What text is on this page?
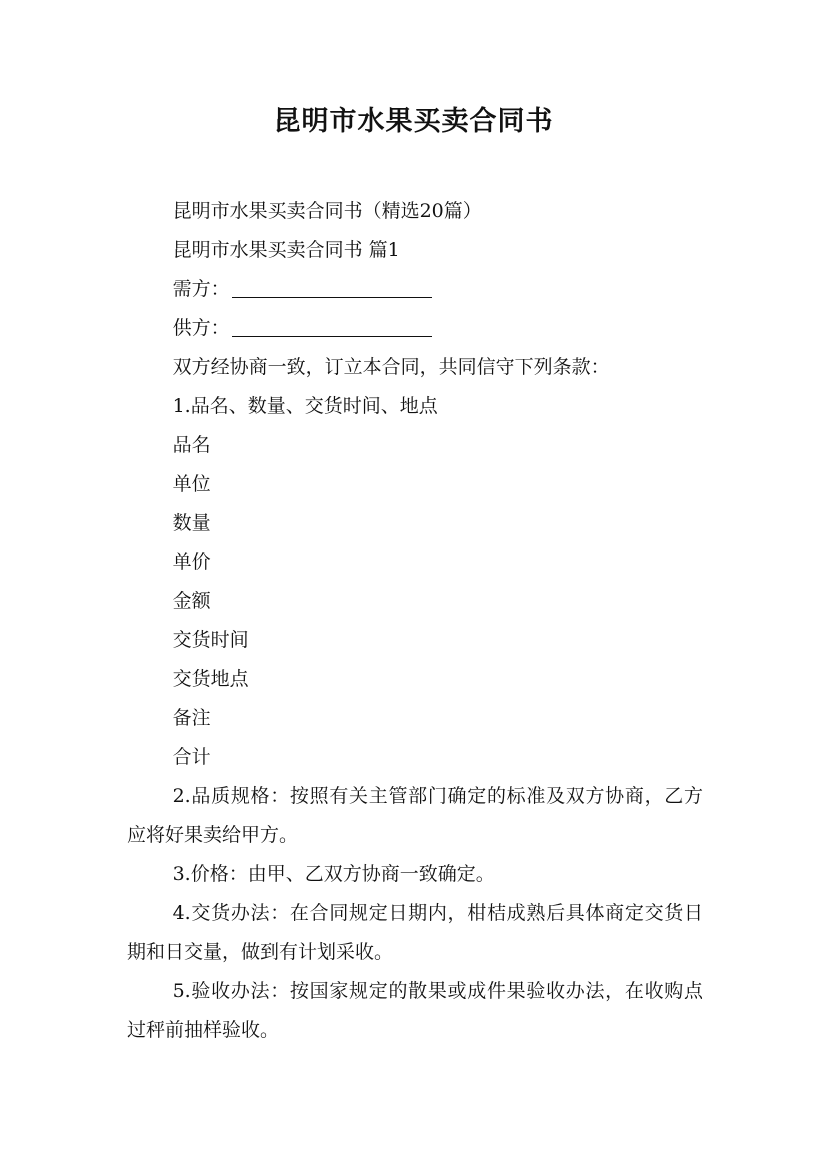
昆明市水果买卖合同书

昆明市水果买卖合同书（精选20篇）

昆明市水果买卖合同书 篇1

需方：

供方：

双方经协商一致，订立本合同，共同信守下列条款：

1.品名、数量、交货时间、地点

品名

单位

数量

单价

金额

交货时间

交货地点

备注

合计

2.品质规格：按照有关主管部门确定的标准及双方协商，乙方应将好果卖给甲方。

3.价格：由甲、乙双方协商一致确定。

4.交货办法：在合同规定日期内，柑桔成熟后具体商定交货日期和日交量，做到有计划采收。

5.验收办法：按国家规定的散果或成件果验收办法，在收购点过秤前抽样验收。
